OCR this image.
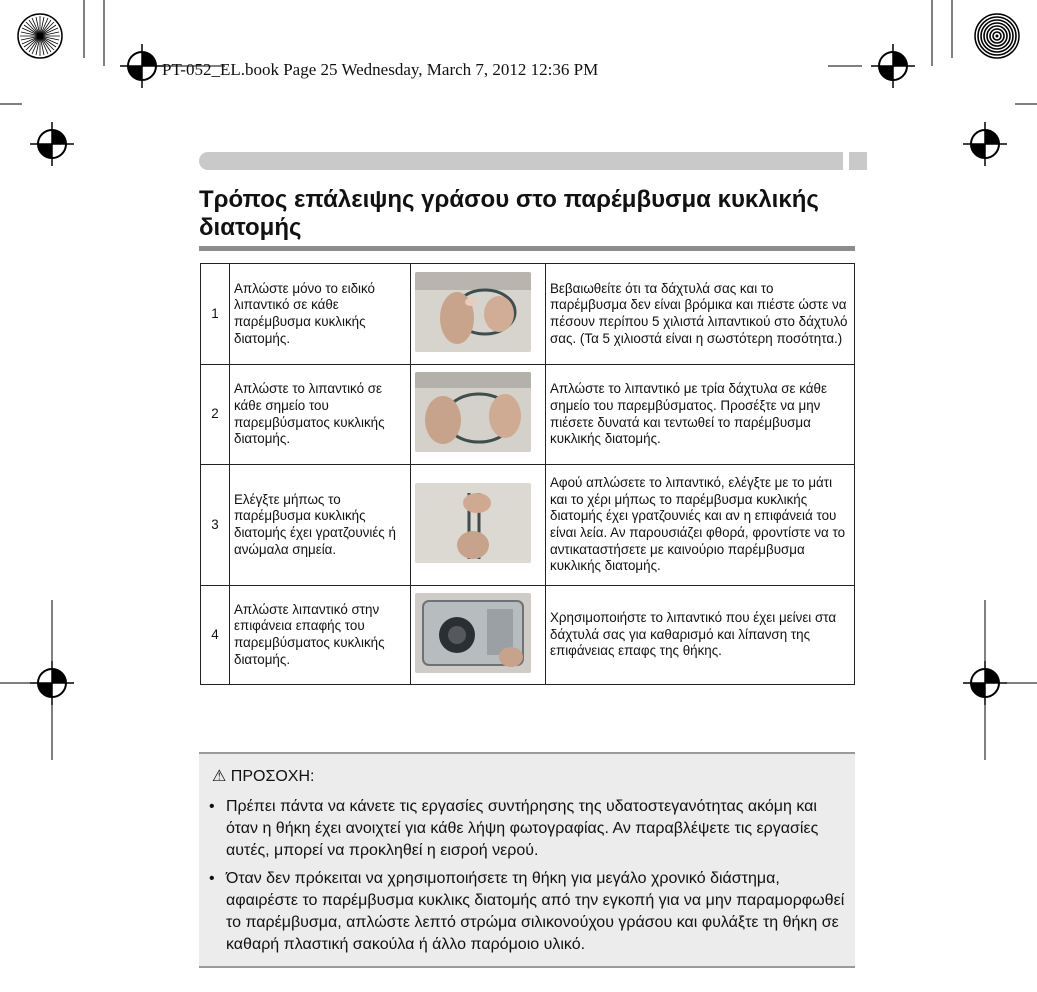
PT-052_EL.book Page 25 Wednesday, March 7, 2012 12:36 PM
Τρόπος επάλειψης γράσου στο παρέμβυσμα κυκλικής διατομής
1	Απλώστε μόνο το ειδικό λιπαντικό σε κάθε παρέμβυσμα κυκλικής διατομής.		Βεβαιωθείτε ότι τα δάχτυλά σας και το παρέμβυσμα δεν είναι βρόμικα και πιέστε ώστε να πέσουν περίπου 5 χιλιστά λιπαντικού στο δάχτυλό σας. (Τα 5 χιλιοστά είναι η σωστότερη ποσότητα.)
2	Απλώστε το λιπαντικό σε κάθε σημείο του παρεμβύσματος κυκλικής διατομής.		Απλώστε το λιπαντικό με τρία δάχτυλα σε κάθε σημείο του παρεμβύσματος. Προσέξτε να μην πιέσετε δυνατά και τεντωθεί το παρέμβυσμα κυκλικής διατομής.
3	Ελέγξτε μήπως το παρέμβυσμα κυκλικής διατομής έχει γρατζουνιές ή ανώμαλα σημεία.		Αφού απλώσετε το λιπαντικό, ελέγξτε με το μάτι και το χέρι μήπως το παρέμβυσμα κυκλικής διατομής έχει γρατζουνιές και αν η επιφάνειά του είναι λεία. Αν παρουσιάζει φθορά, φροντίστε να το αντικαταστήσετε με καινούριο παρέμβυσμα κυκλικής διατομής.
4	Απλώστε λιπαντικό στην επιφάνεια επαφής του παρεμβύσματος κυκλικής διατομής.		Χρησιμοποιήστε το λιπαντικό που έχει μείνει στα δάχτυλά σας για καθαρισμό και λίπανση της επιφάνειας επαφς της θήκης.
⚠ ΠΡΟΣΟΧΗ:
• Πρέπει πάντα να κάνετε τις εργασίες συντήρησης της υδατοστεγανότητας ακόμη και όταν η θήκη έχει ανοιχτεί για κάθε λήψη φωτογραφίας. Αν παραβλέψετε τις εργασίες αυτές, μπορεί να προκληθεί η εισροή νερού.
• Όταν δεν πρόκειται να χρησιμοποιήσετε τη θήκη για μεγάλο χρονικό διάστημα, αφαιρέστε το παρέμβυσμα κυκλικς διατομής από την εγκοπή για να μην παραμορφωθεί το παρέμβυσμα, απλώστε λεπτό στρώμα σιλικονούχου γράσου και φυλάξτε τη θήκη σε καθαρή πλαστική σακούλα ή άλλο παρόμοιο υλικό.
